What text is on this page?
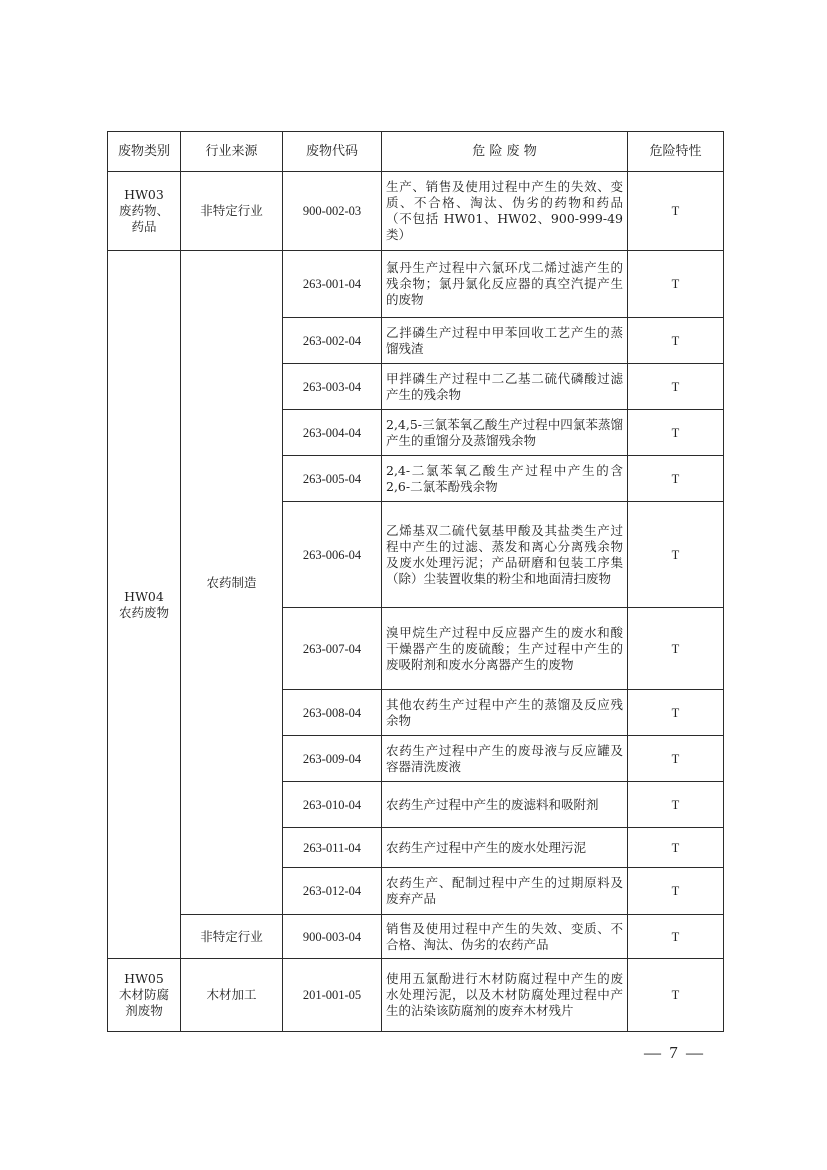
废物类别	行业来源	废物代码	危 险 废 物	危险特性
HW03
废药物、
药品	非特定行业	900-002-03	生产、销售及使用过程中产生的失效、变质、不合格、淘汰、伪劣的药物和药品（不包括 HW01、HW02、900-999-49 类）	T
HW04
农药废物	农药制造	263-001-04	氯丹生产过程中六氯环戊二烯过滤产生的残余物；氯丹氯化反应器的真空汽提产生的废物	T
		263-002-04	乙拌磷生产过程中甲苯回收工艺产生的蒸馏残渣	T
		263-003-04	甲拌磷生产过程中二乙基二硫代磷酸过滤产生的残余物	T
		263-004-04	2,4,5-三氯苯氧乙酸生产过程中四氯苯蒸馏产生的重馏分及蒸馏残余物	T
		263-005-04	2,4-二氯苯氧乙酸生产过程中产生的含 2,6-二氯苯酚残余物	T
		263-006-04	乙烯基双二硫代氨基甲酸及其盐类生产过程中产生的过滤、蒸发和离心分离残余物及废水处理污泥；产品研磨和包装工序集（除）尘装置收集的粉尘和地面清扫废物	T
		263-007-04	溴甲烷生产过程中反应器产生的废水和酸干燥器产生的废硫酸；生产过程中产生的废吸附剂和废水分离器产生的废物	T
		263-008-04	其他农药生产过程中产生的蒸馏及反应残余物	T
		263-009-04	农药生产过程中产生的废母液与反应罐及容器清洗废液	T
		263-010-04	农药生产过程中产生的废滤料和吸附剂	T
		263-011-04	农药生产过程中产生的废水处理污泥	T
		263-012-04	农药生产、配制过程中产生的过期原料及废弃产品	T
	非特定行业	900-003-04	销售及使用过程中产生的失效、变质、不合格、淘汰、伪劣的农药产品	T
HW05
木材防腐
剂废物	木材加工	201-001-05	使用五氯酚进行木材防腐过程中产生的废水处理污泥，以及木材防腐处理过程中产生的沾染该防腐剂的废弃木材残片	T
— 7 —
